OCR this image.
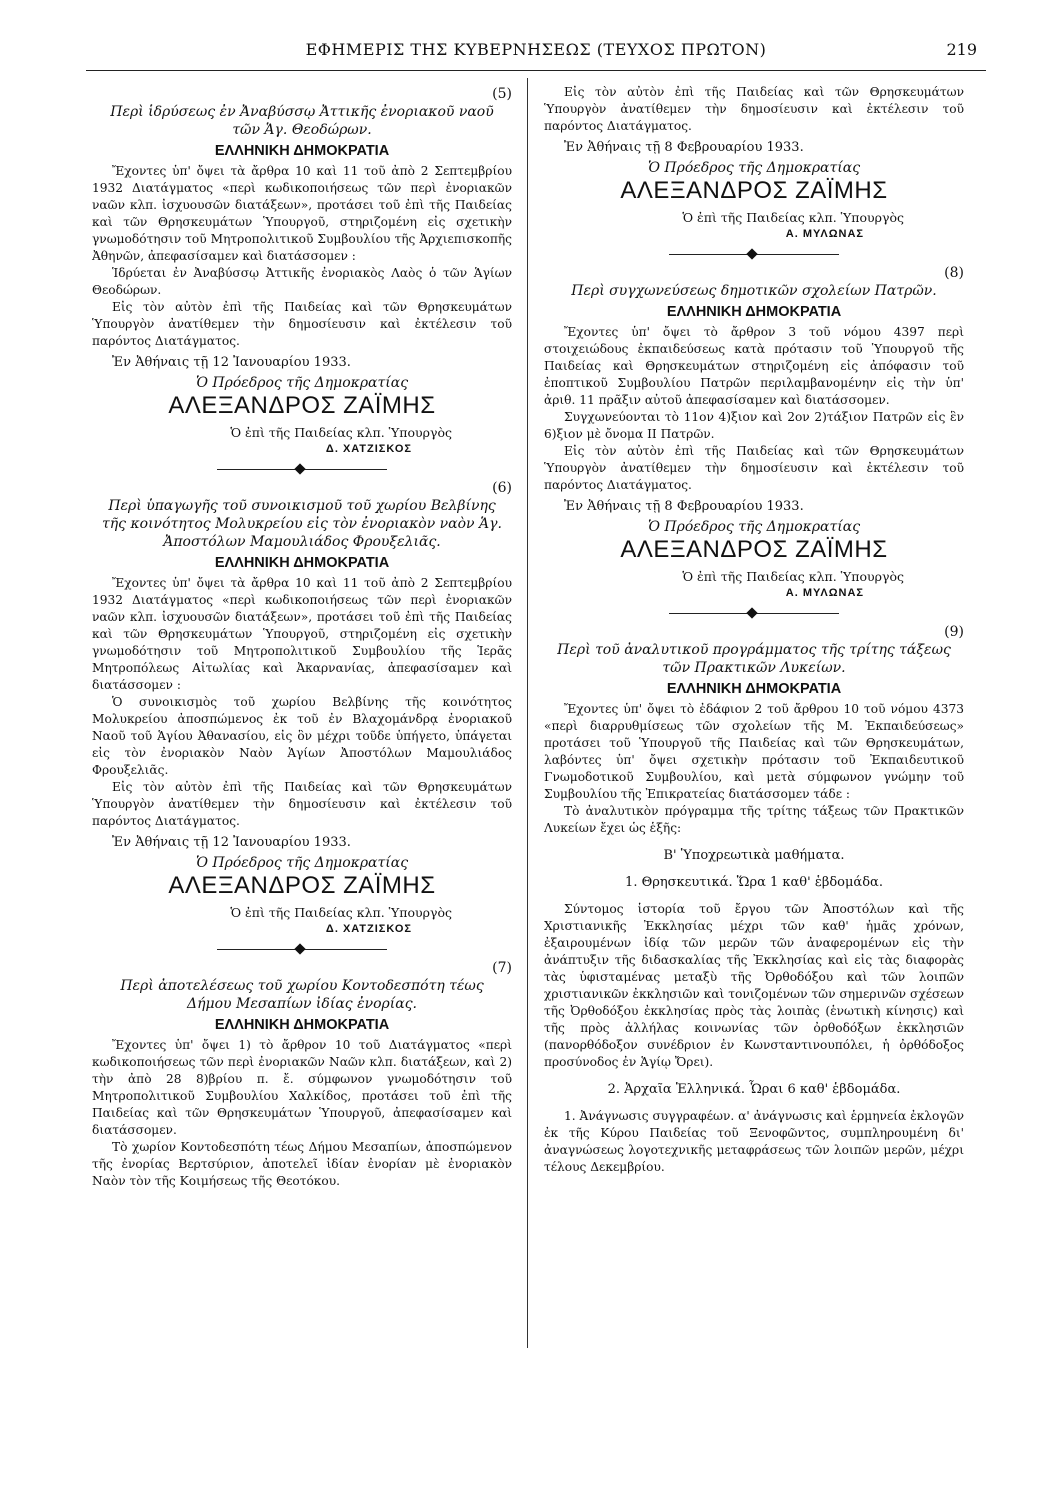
ΕΦΗΜΕΡΙΣ ΤΗΣ ΚΥΒΕΡΝΗΣΕΩΣ (ΤΕΥΧΟΣ ΠΡΩΤΟΝ)	219
(5)
Περὶ ἱδρύσεως ἐν Ἀναβύσσῳ Ἀττικῆς ἐνοριακοῦ ναοῦ τῶν Ἁγ. Θεοδώρων.
ΕΛΛΗΝΙΚΗ ΔΗΜΟΚΡΑΤΙΑ

Ἔχοντες ὑπ' ὄψει τὰ ἄρθρα 10 καὶ 11 τοῦ ἀπὸ 2 Σεπτεμβρίου 1932 Διατάγματος «περὶ κωδικοποιήσεως τῶν περὶ ἐνοριακῶν ναῶν κλπ. ἰσχυουσῶν διατάξεων», προτάσει τοῦ ἐπὶ τῆς Παιδείας καὶ τῶν Θρησκευμάτων Ὑπουργοῦ, στηριζομένη εἰς σχετικὴν γνωμοδότησιν τοῦ Μητροπολιτικοῦ Συμβουλίου τῆς Ἀρχιεπισκοπῆς Ἀθηνῶν, ἀπεφασίσαμεν καὶ διατάσσομεν :

Ἱδρύεται ἐν Ἀναβύσσῳ Ἀττικῆς ἐνοριακὸς Λαὸς ὁ τῶν Ἁγίων Θεοδώρων.

Εἰς τὸν αὐτὸν ἐπὶ τῆς Παιδείας καὶ τῶν Θρησκευμάτων Ὑπουργὸν ἀνατίθεμεν τὴν δημοσίευσιν καὶ ἐκτέλεσιν τοῦ παρόντος Διατάγματος.

Ἐν Ἀθήναις τῇ 12 Ἰανουαρίου 1933.
Ὁ Πρόεδρος τῆς Δημοκρατίας
ΑΛΕΞΑΝΔΡΟΣ ΖΑΪΜΗΣ
Ὁ ἐπὶ τῆς Παιδείας κλπ. Ὑπουργὸς
Δ. ΧΑΤΖΙΣΚΟΣ
(6)
Περὶ ὑπαγωγῆς τοῦ συνοικισμοῦ τοῦ χωρίου Βελβίνης τῆς κοινότητος Μολυκρείου εἰς τὸν ἐνοριακὸν ναὸν Ἁγ. Ἀποστόλων Μαμουλιάδος Φρουξελιᾶς.
ΕΛΛΗΝΙΚΗ ΔΗΜΟΚΡΑΤΙΑ

Ἔχοντες ὑπ' ὄψει τὰ ἄρθρα 10 καὶ 11 τοῦ ἀπὸ 2 Σεπτεμβρίου 1932 Διατάγματος «περὶ κωδικοποιήσεως τῶν περὶ ἐνοριακῶν ναῶν κλπ. ἰσχυουσῶν διατάξεων», προτάσει τοῦ ἐπὶ τῆς Παιδείας καὶ τῶν Θρησκευμάτων Ὑπουργοῦ, στηριζομένη εἰς σχετικὴν γνωμοδότησιν τοῦ Μητροπολιτικοῦ Συμβουλίου τῆς Ἱερᾶς Μητροπόλεως Αἰτωλίας καὶ Ἀκαρνανίας, ἀπεφασίσαμεν καὶ διατάσσομεν :

Ὁ συνοικισμὸς τοῦ χωρίου Βελβίνης τῆς κοινότητος Μολυκρείου ἀποσπώμενος ἐκ τοῦ ἐν Βλαχομάνδρᾳ ἐνοριακοῦ Ναοῦ τοῦ Ἁγίου Ἀθανασίου, εἰς ὃν μέχρι τοῦδε ὑπήγετο, ὑπάγεται εἰς τὸν ἐνοριακὸν Ναὸν Ἁγίων Ἀποστόλων Μαμουλιάδος Φρουξελιᾶς.

Εἰς τὸν αὐτὸν ἐπὶ τῆς Παιδείας καὶ τῶν Θρησκευμάτων Ὑπουργὸν ἀνατίθεμεν τὴν δημοσίευσιν καὶ ἐκτέλεσιν τοῦ παρόντος Διατάγματος.

Ἐν Ἀθήναις τῇ 12 Ἰανουαρίου 1933.
Ὁ Πρόεδρος τῆς Δημοκρατίας
ΑΛΕΞΑΝΔΡΟΣ ΖΑΪΜΗΣ
Ὁ ἐπὶ τῆς Παιδείας κλπ. Ὑπουργὸς
Δ. ΧΑΤΖΙΣΚΟΣ
(7)
Περὶ ἀποτελέσεως τοῦ χωρίου Κοντοδεσπότη τέως Δήμου Μεσαπίων ἰδίας ἐνορίας.
ΕΛΛΗΝΙΚΗ ΔΗΜΟΚΡΑΤΙΑ

Ἔχοντες ὑπ' ὄψει 1) τὸ ἄρθρον 10 τοῦ Διατάγματος «περὶ κωδικοποιήσεως τῶν περὶ ἐνοριακῶν Ναῶν κλπ. διατάξεων, καὶ 2) τὴν ἀπὸ 28 8)βρίου π. ἔ. σύμφωνον γνωμοδότησιν τοῦ Μητροπολιτικοῦ Συμβουλίου Χαλκίδος, προτάσει τοῦ ἐπὶ τῆς Παιδείας καὶ τῶν Θρησκευμάτων Ὑπουργοῦ, ἀπεφασίσαμεν καὶ διατάσσομεν.

Τὸ χωρίον Κοντοδεσπότη τέως Δήμου Μεσαπίων, ἀποσπώμενον τῆς ἐνορίας Βερτσύριον, ἀποτελεῖ ἰδίαν ἐνορίαν μὲ ἐνοριακὸν Ναὸν τὸν τῆς Κοιμήσεως τῆς Θεοτόκου.

Εἰς τὸν αὐτὸν ἐπὶ τῆς Παιδείας καὶ τῶν Θρησκευμάτων Ὑπουργὸν ἀνατίθεμεν τὴν δημοσίευσιν καὶ ἐκτέλεσιν τοῦ παρόντος Διατάγματος.

Ἐν Ἀθήναις τῇ 8 Φεβρουαρίου 1933.
Ὁ Πρόεδρος τῆς Δημοκρατίας
ΑΛΕΞΑΝΔΡΟΣ ΖΑΪΜΗΣ
Ὁ ἐπὶ τῆς Παιδείας κλπ. Ὑπουργὸς
Α. ΜΥΛΩΝΑΣ
(8)
Περὶ συγχωνεύσεως δημοτικῶν σχολείων Πατρῶν.
ΕΛΛΗΝΙΚΗ ΔΗΜΟΚΡΑΤΙΑ

Ἔχοντες ὑπ' ὄψει τὸ ἄρθρον 3 τοῦ νόμου 4397 περὶ στοιχειώδους ἐκπαιδεύσεως κατὰ πρότασιν τοῦ Ὑπουργοῦ τῆς Παιδείας καὶ Θρησκευμάτων στηριζομένη εἰς ἀπόφασιν τοῦ ἐποπτικοῦ Συμβουλίου Πατρῶν περιλαμβανομένην εἰς τὴν ὑπ' ἀριθ. 11 πρᾶξιν αὐτοῦ ἀπεφασίσαμεν καὶ διατάσσομεν.

Συγχωνεύονται τὸ 11ον 4)ξιον καὶ 2ον 2)τάξιον Πατρῶν εἰς ἓν 6)ξιον μὲ ὄνομα ΙΙ Πατρῶν.

Εἰς τὸν αὐτὸν ἐπὶ τῆς Παιδείας καὶ τῶν Θρησκευμάτων Ὑπουργὸν ἀνατίθεμεν τὴν δημοσίευσιν καὶ ἐκτέλεσιν τοῦ παρόντος Διατάγματος.

Ἐν Ἀθήναις τῇ 8 Φεβρουαρίου 1933.
Ὁ Πρόεδρος τῆς Δημοκρατίας
ΑΛΕΞΑΝΔΡΟΣ ΖΑΪΜΗΣ
Ὁ ἐπὶ τῆς Παιδείας κλπ. Ὑπουργὸς
Α. ΜΥΛΩΝΑΣ
(9)
Περὶ τοῦ ἀναλυτικοῦ προγράμματος τῆς τρίτης τάξεως τῶν Πρακτικῶν Λυκείων.
ΕΛΛΗΝΙΚΗ ΔΗΜΟΚΡΑΤΙΑ

Ἔχοντες ὑπ' ὄψει τὸ ἐδάφιον 2 τοῦ ἄρθρου 10 τοῦ νόμου 4373 «περὶ διαρρυθμίσεως τῶν σχολείων τῆς Μ. Ἐκπαιδεύσεως» προτάσει τοῦ Ὑπουργοῦ τῆς Παιδείας καὶ τῶν Θρησκευμάτων, λαβόντες ὑπ' ὄψει σχετικὴν πρότασιν τοῦ Ἐκπαιδευτικοῦ Γνωμοδοτικοῦ Συμβουλίου, καὶ μετὰ σύμφωνον γνώμην τοῦ Συμβουλίου τῆς Ἐπικρατείας διατάσσομεν τάδε :

Τὸ ἀναλυτικὸν πρόγραμμα τῆς τρίτης τάξεως τῶν Πρακτικῶν Λυκείων ἔχει ὡς ἑξῆς:

Β' Ὑποχρεωτικὰ μαθήματα.
1. Θρησκευτικά. Ὥρα 1 καθ' ἑβδομάδα.

Σύντομος ἱστορία τοῦ ἔργου τῶν Ἀποστόλων καὶ τῆς Χριστιανικῆς Ἐκκλησίας μέχρι τῶν καθ' ἡμᾶς χρόνων, ἐξαιρουμένων ἰδίᾳ τῶν μερῶν τῶν ἀναφερομένων εἰς τὴν ἀνάπτυξιν τῆς διδασκαλίας τῆς Ἐκκλησίας καὶ εἰς τὰς διαφορὰς τὰς ὑφισταμένας μεταξὺ τῆς Ὀρθοδόξου καὶ τῶν λοιπῶν χριστιανικῶν ἐκκλησιῶν καὶ τονιζομένων τῶν σημερινῶν σχέσεων τῆς Ὀρθοδόξου ἐκκλησίας πρὸς τὰς λοιπὰς (ἑνωτικὴ κίνησις) καὶ τῆς πρὸς ἀλλήλας κοινωνίας τῶν ὀρθοδόξων ἐκκλησιῶν (πανορθόδοξον συνέδριον ἐν Κωνσταντινουπόλει, ἡ ὀρθόδοξος προσύνοδος ἐν Ἁγίῳ Ὄρει).

2. Ἀρχαῖα Ἑλληνικά. Ὧραι 6 καθ' ἑβδομάδα.

1. Ἀνάγνωσις συγγραφέων. α' ἀνάγνωσις καὶ ἑρμηνεία ἐκλογῶν ἐκ τῆς Κύρου Παιδείας τοῦ Ξενοφῶντος, συμπληρουμένη δι' ἀναγνώσεως λογοτεχνικῆς μεταφράσεως τῶν λοιπῶν μερῶν, μέχρι τέλους Δεκεμβρίου.
